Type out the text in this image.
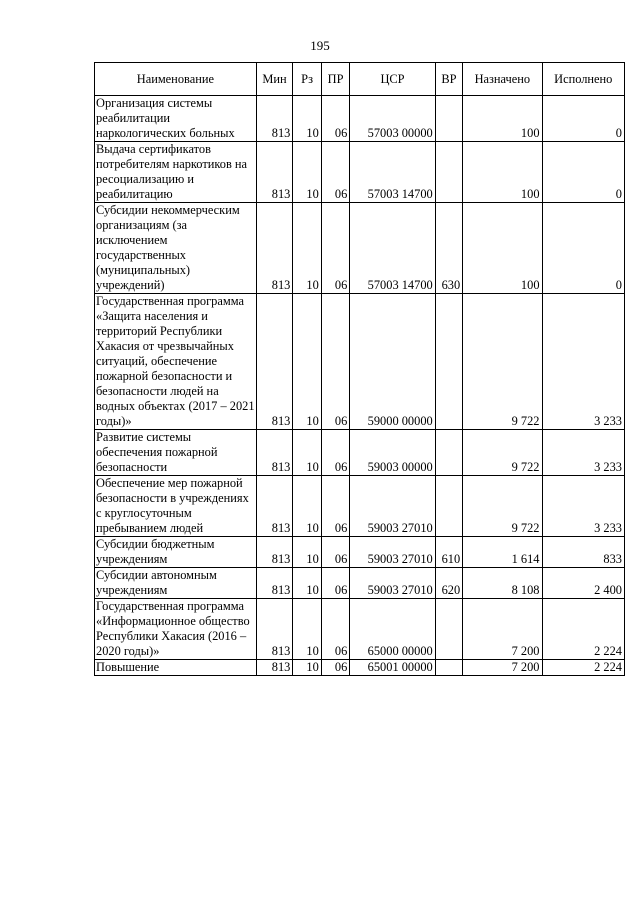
195
Наименование	Мин	Рз	ПР	ЦСР	ВР	Назначено	Исполнено
Организация системы реабилитации наркологических больных	813	10	06	57003 00000		100	0
Выдача сертификатов потребителям наркотиков на ресоциализацию и реабилитацию	813	10	06	57003 14700		100	0
Субсидии некоммерческим организациям (за исключением государственных (муниципальных) учреждений)	813	10	06	57003 14700	630	100	0
Государственная программа «Защита населения и территорий Республики Хакасия от чрезвычайных ситуаций, обеспечение пожарной безопасности и безопасности людей на водных объектах (2017 – 2021 годы)»	813	10	06	59000 00000		9 722	3 233
Развитие системы обеспечения пожарной безопасности	813	10	06	59003 00000		9 722	3 233
Обеспечение мер пожарной безопасности в учреждениях с круглосуточным пребыванием людей	813	10	06	59003 27010		9 722	3 233
Субсидии бюджетным учреждениям	813	10	06	59003 27010	610	1 614	833
Субсидии автономным учреждениям	813	10	06	59003 27010	620	8 108	2 400
Государственная программа «Информационное общество Республики Хакасия (2016 – 2020 годы)»	813	10	06	65000 00000		7 200	2 224
Повышение	813	10	06	65001 00000		7 200	2 224
